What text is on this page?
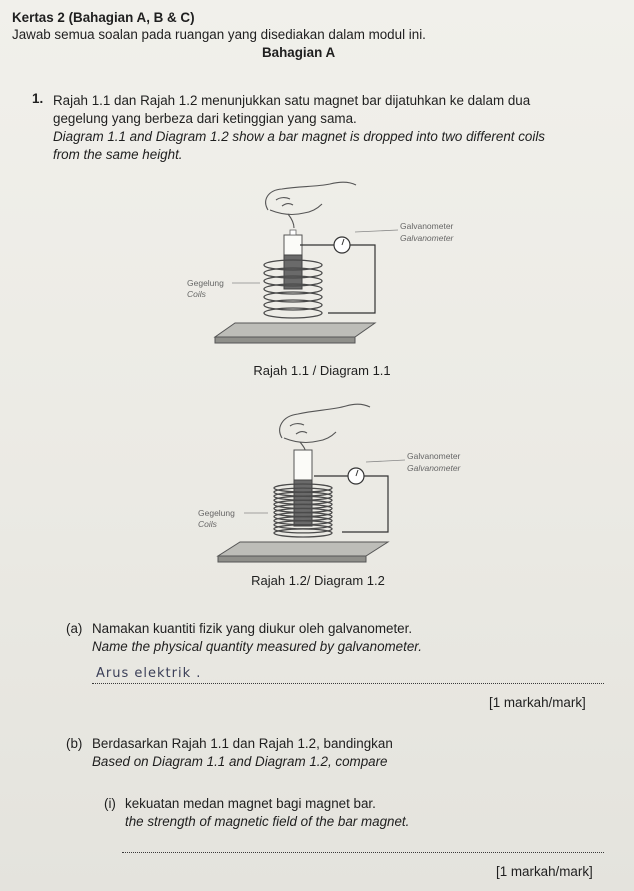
Kertas 2 (Bahagian A, B & C)
Jawab semua soalan pada ruangan yang disediakan dalam modul ini.
Bahagian A
1. Rajah 1.1 dan Rajah 1.2 menunjukkan satu magnet bar dijatuhkan ke dalam dua
gegelung yang berbeza dari ketinggian yang sama.
Diagram 1.1 and Diagram 1.2 show a bar magnet is dropped into two different coils
from the same height.
Galvanometer
Galvanometer
Gegelung
Coils
Rajah 1.1 / Diagram 1.1
Galvanometer
Galvanometer
Gegelung
Coils
Rajah 1.2/ Diagram 1.2
(a) Namakan kuantiti fizik yang diukur oleh galvanometer.
Name the physical quantity measured by galvanometer.
Arus elektrik .
[1 markah/mark]
(b) Berdasarkan Rajah 1.1 dan Rajah 1.2, bandingkan
Based on Diagram 1.1 and Diagram 1.2, compare
(i) kekuatan medan magnet bagi magnet bar.
the strength of magnetic field of the bar magnet.
[1 markah/mark]
